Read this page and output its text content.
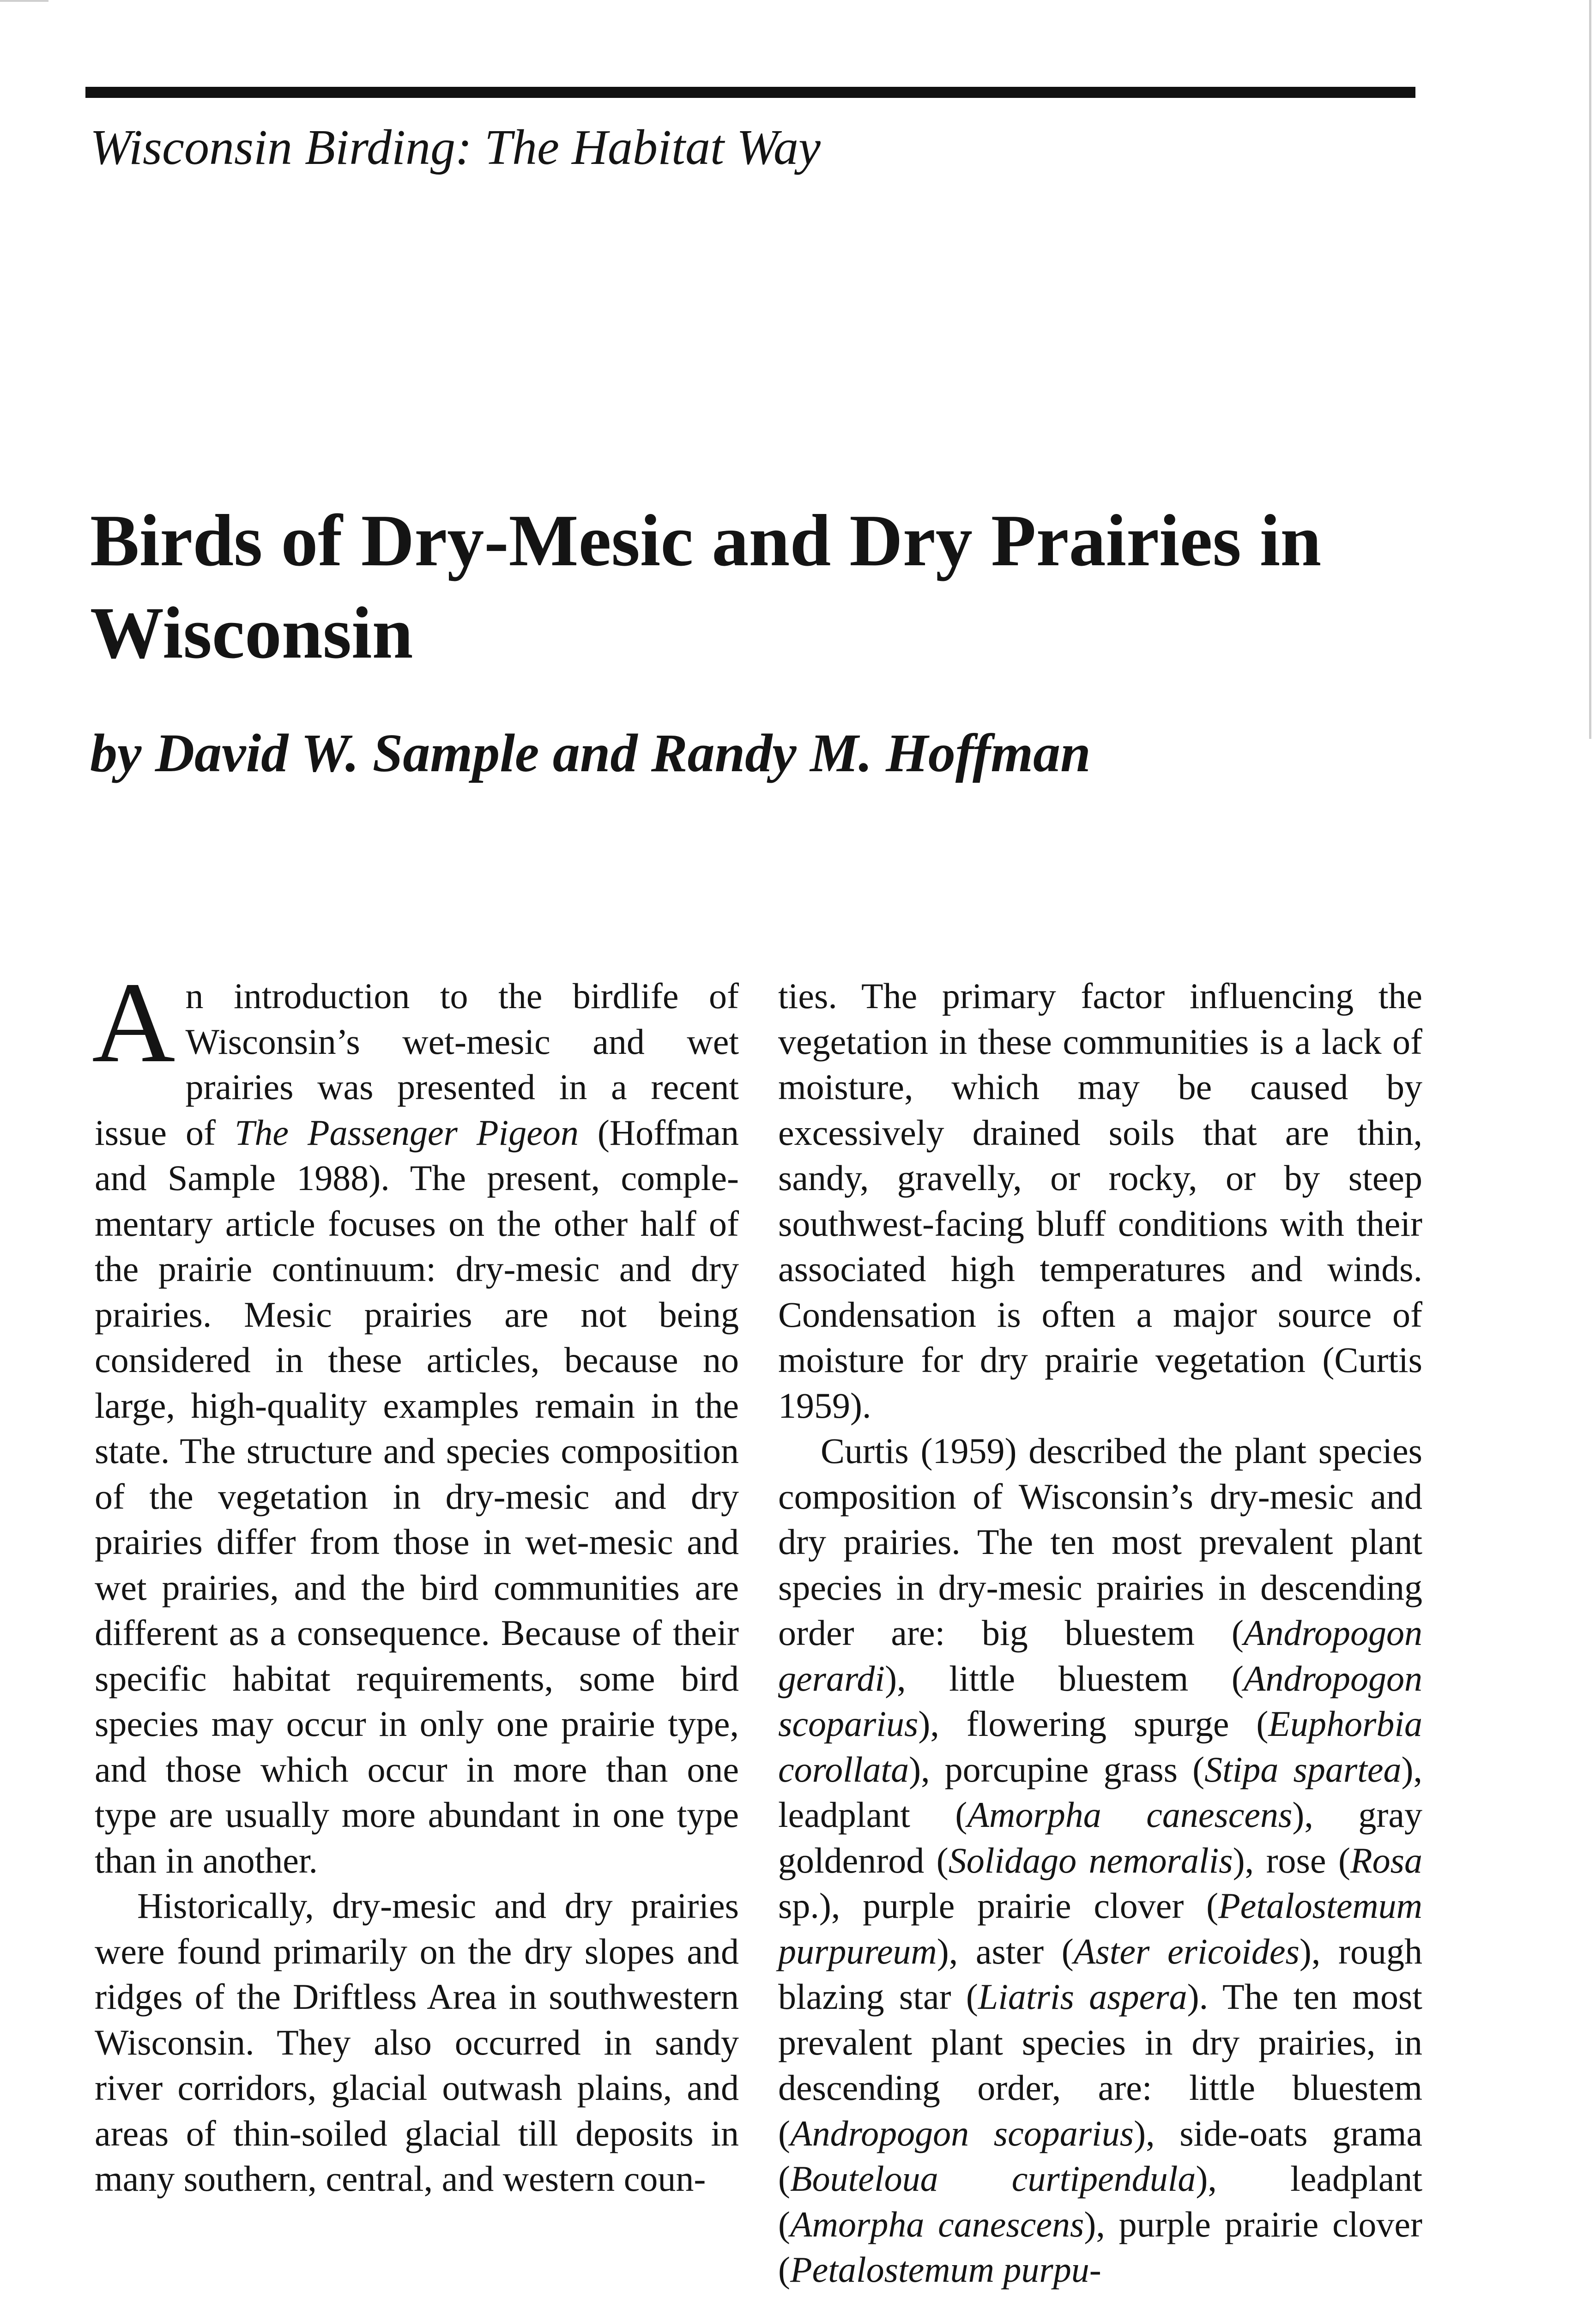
Wisconsin Birding: The Habitat Way
Birds of Dry-Mesic and Dry Prairies in Wisconsin

by David W. Sample and Randy M. Hoffman

An introduction to the birdlife of Wisconsin’s wet-mesic and wet prairies was presented in a recent issue of The Passenger Pigeon (Hoffman and Sample 1988). The present, complementary article focuses on the other half of the prairie continuum: dry-mesic and dry prairies. Mesic prairies are not being considered in these articles, because no large, high-quality examples remain in the state. The structure and species composition of the vegetation in dry-mesic and dry prairies differ from those in wet-mesic and wet prairies, and the bird communities are different as a consequence. Because of their specific habitat requirements, some bird species may occur in only one prairie type, and those which occur in more than one type are usually more abundant in one type than in another.

Historically, dry-mesic and dry prairies were found primarily on the dry slopes and ridges of the Driftless Area in southwestern Wisconsin. They also occurred in sandy river corridors, glacial outwash plains, and areas of thin-soiled glacial till deposits in many southern, central, and western coun-

ties. The primary factor influencing the vegetation in these communities is a lack of moisture, which may be caused by excessively drained soils that are thin, sandy, gravelly, or rocky, or by steep southwest-facing bluff conditions with their associated high temperatures and winds. Condensation is often a major source of moisture for dry prairie vegetation (Curtis 1959).

Curtis (1959) described the plant species composition of Wisconsin’s dry-mesic and dry prairies. The ten most prevalent plant species in dry-mesic prairies in descending order are: big bluestem (Andropogon gerardi), little bluestem (Andropogon scoparius), flowering spurge (Euphorbia corollata), porcupine grass (Stipa spartea), leadplant (Amorpha canescens), gray goldenrod (Solidago nemoralis), rose (Rosa sp.), purple prairie clover (Petalostemum purpureum), aster (Aster ericoides), rough blazing star (Liatris aspera). The ten most prevalent plant species in dry prairies, in descending order, are: little bluestem (Andropogon scoparius), side-oats grama (Bouteloua curtipendula), leadplant (Amorpha canescens), purple prairie clover (Petalostemum purpu-
